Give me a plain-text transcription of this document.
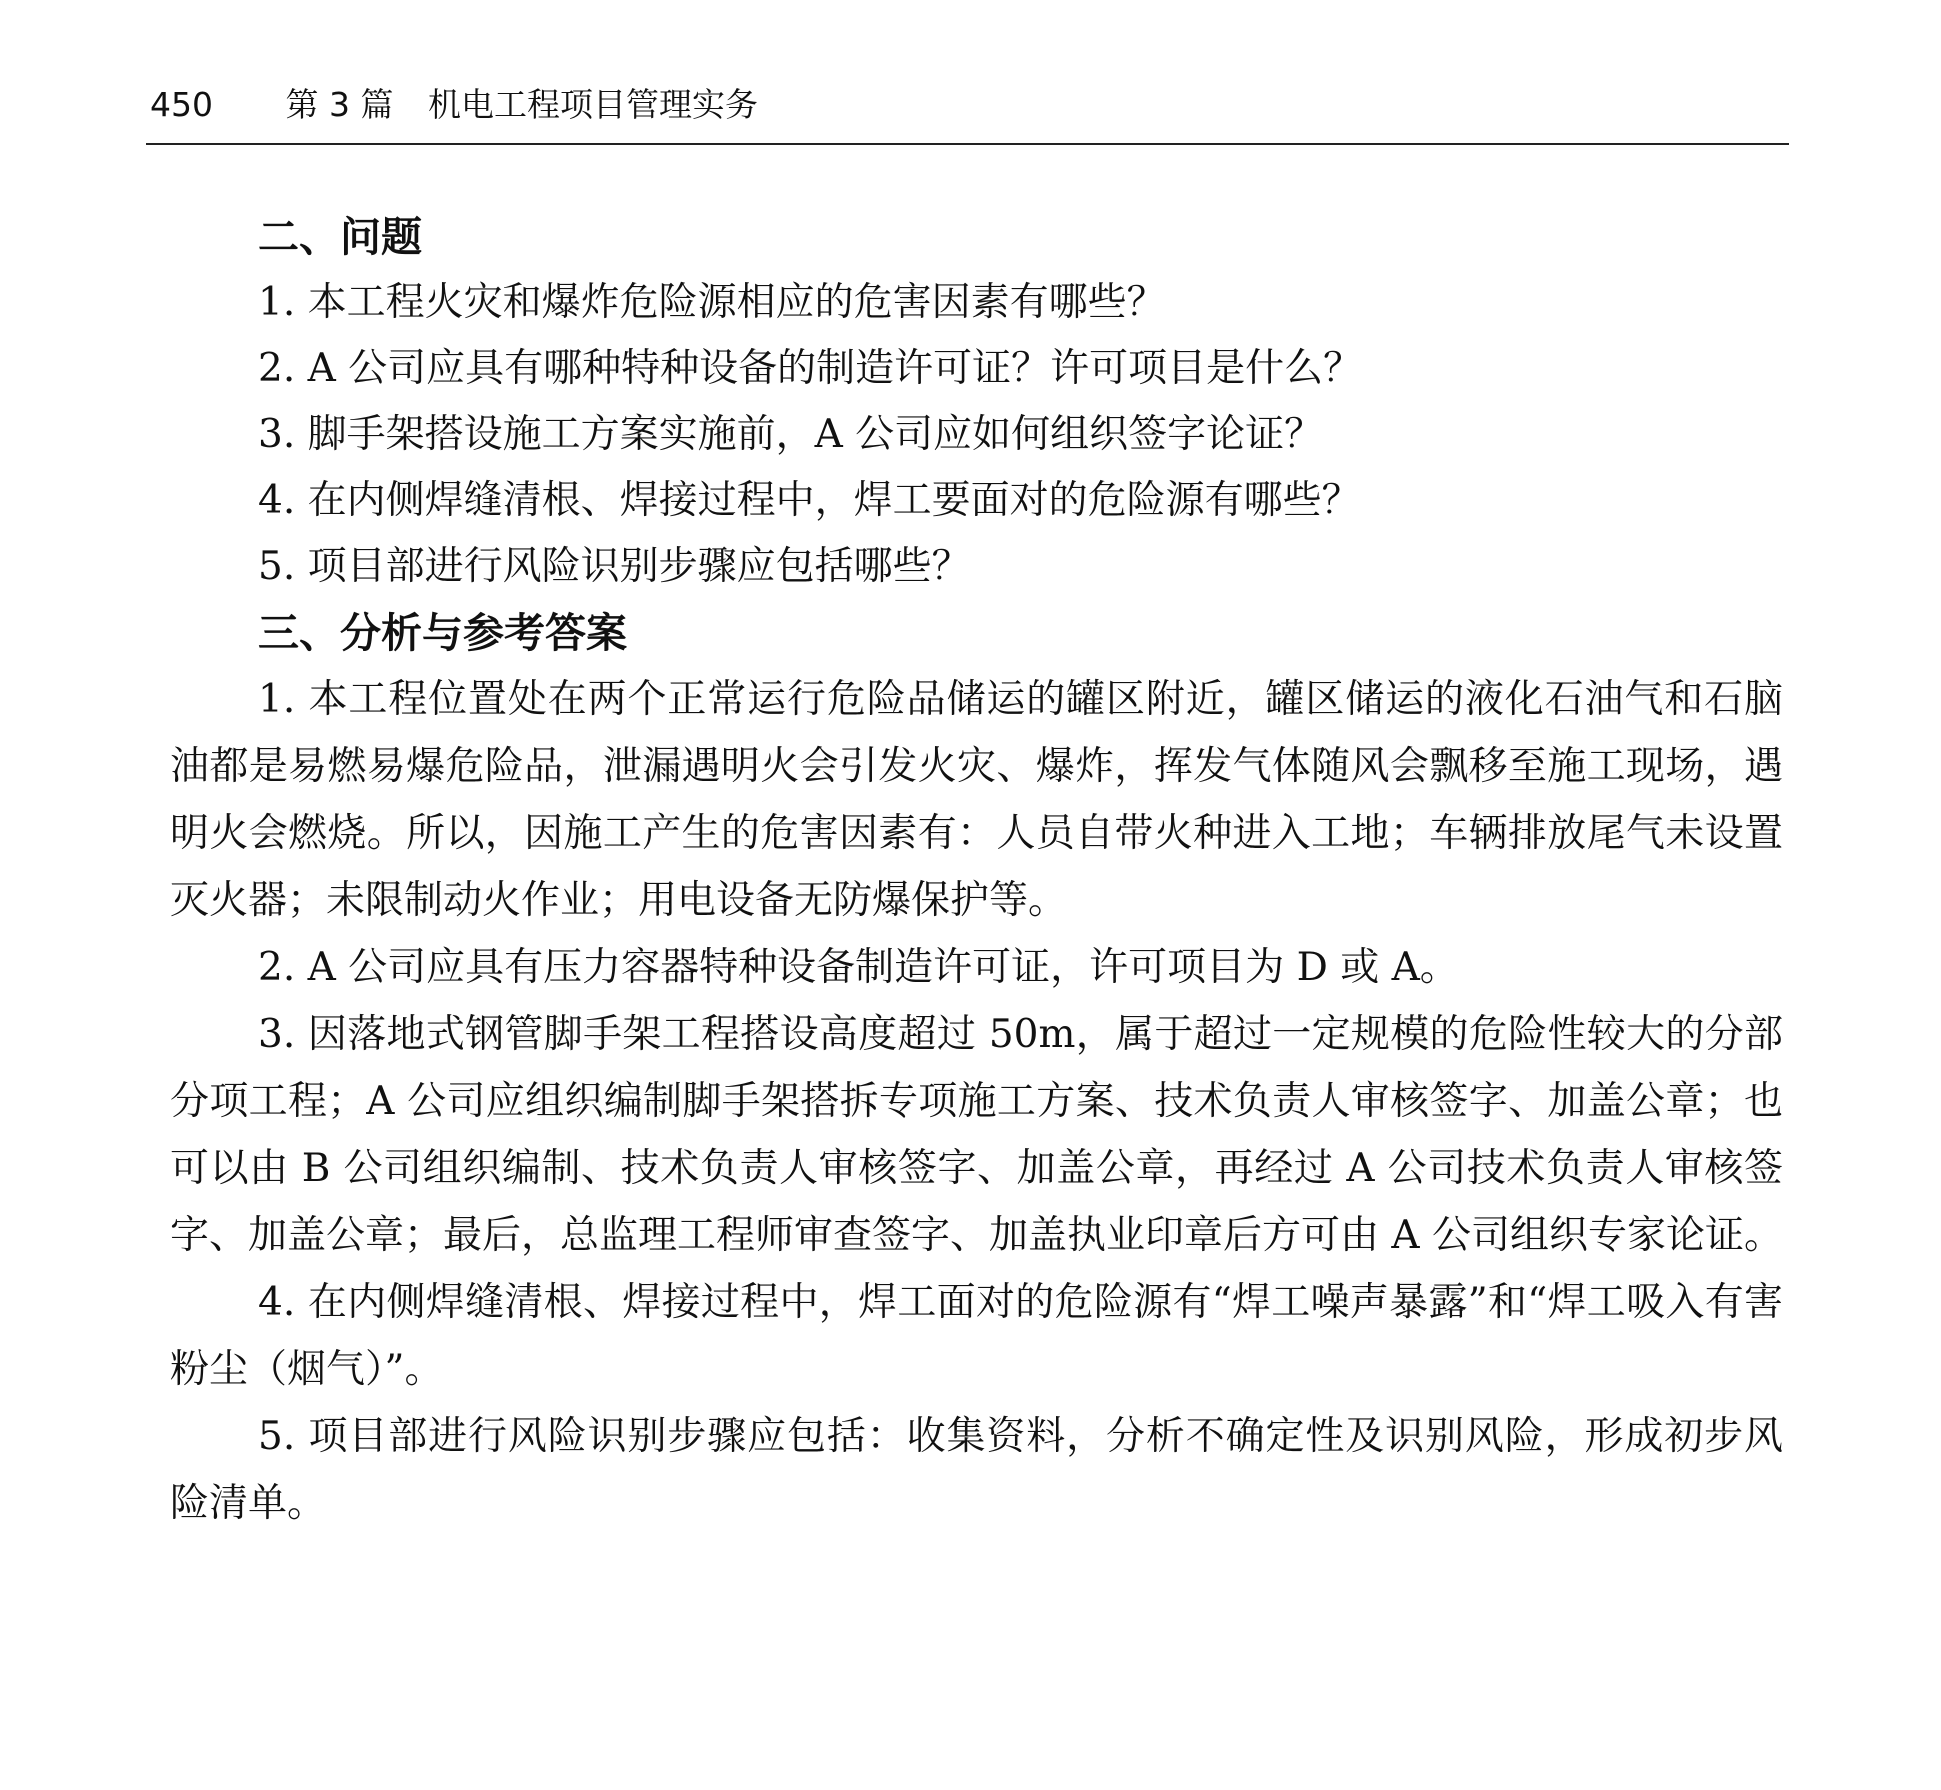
450 第 3 篇 机电工程项目管理实务
二、问题

1. 本工程火灾和爆炸危险源相应的危害因素有哪些？

2. A 公司应具有哪种特种设备的制造许可证？许可项目是什么？

3. 脚手架搭设施工方案实施前，A 公司应如何组织签字论证？

4. 在内侧焊缝清根、焊接过程中，焊工要面对的危险源有哪些？

5. 项目部进行风险识别步骤应包括哪些？

三、分析与参考答案

1. 本工程位置处在两个正常运行危险品储运的罐区附近，罐区储运的液化石油气和石脑油都是易燃易爆危险品，泄漏遇明火会引发火灾、爆炸，挥发气体随风会飘移至施工现场，遇明火会燃烧。所以，因施工产生的危害因素有：人员自带火种进入工地；车辆排放尾气未设置灭火器；未限制动火作业；用电设备无防爆保护等。

2. A 公司应具有压力容器特种设备制造许可证，许可项目为 D 或 A。

3. 因落地式钢管脚手架工程搭设高度超过 50m，属于超过一定规模的危险性较大的分部分项工程；A 公司应组织编制脚手架搭拆专项施工方案、技术负责人审核签字、加盖公章；也可以由 B 公司组织编制、技术负责人审核签字、加盖公章，再经过 A 公司技术负责人审核签字、加盖公章；最后，总监理工程师审查签字、加盖执业印章后方可由 A 公司组织专家论证。

4. 在内侧焊缝清根、焊接过程中，焊工面对的危险源有“焊工噪声暴露”和“焊工吸入有害粉尘（烟气）”。

5. 项目部进行风险识别步骤应包括：收集资料，分析不确定性及识别风险，形成初步风险清单。
